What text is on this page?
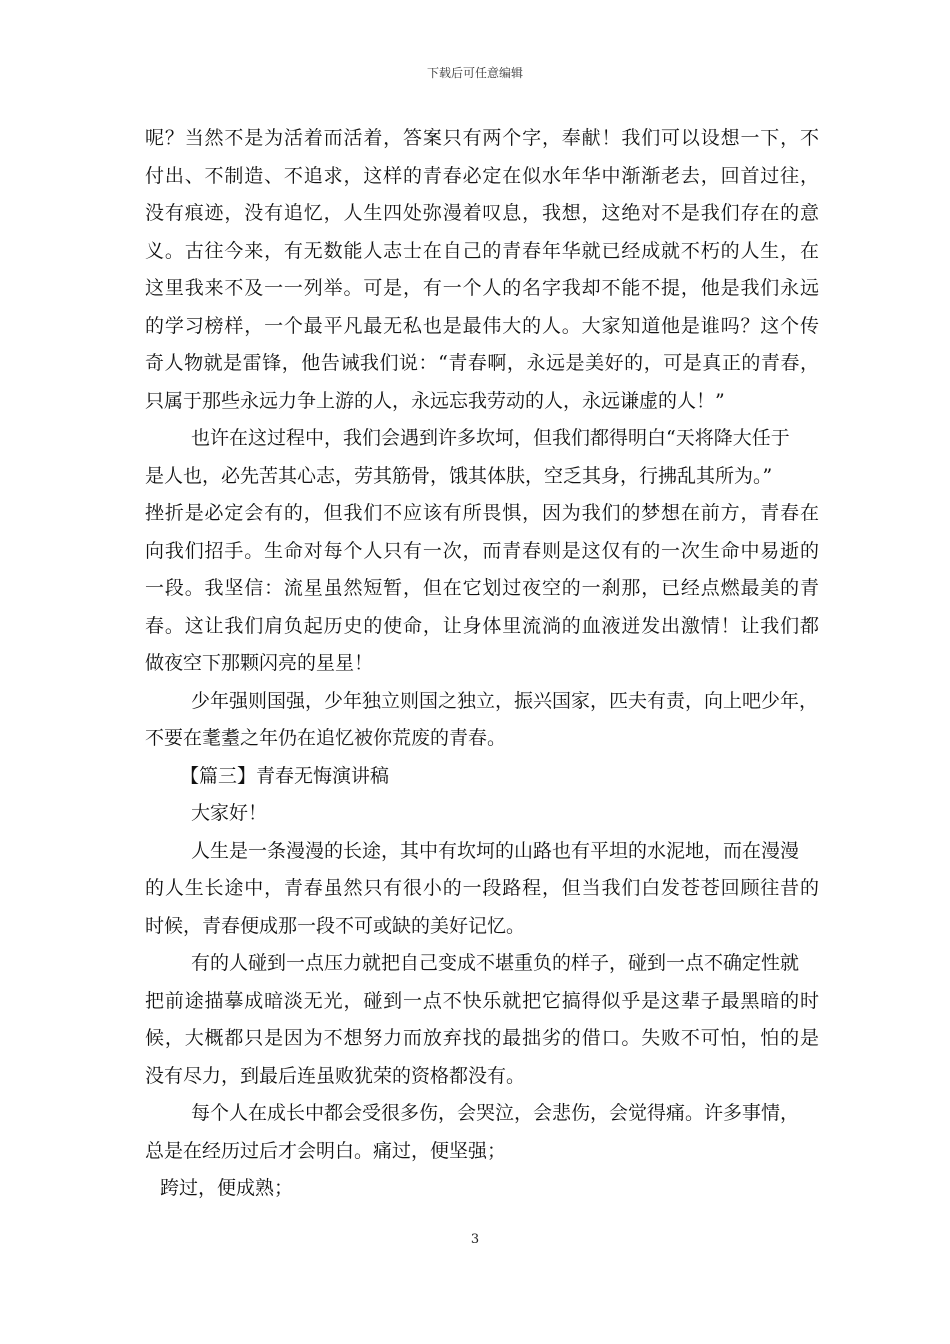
下载后可任意编辑
呢？当然不是为活着而活着，答案只有两个字，奉献！我们可以设想一下，不
付出、不制造、不追求，这样的青春必定在似水年华中渐渐老去，回首过往，
没有痕迹，没有追忆，人生四处弥漫着叹息，我想，这绝对不是我们存在的意
义。古往今来，有无数能人志士在自己的青春年华就已经成就不朽的人生，在
这里我来不及一一列举。可是，有一个人的名字我却不能不提，他是我们永远
的学习榜样，一个最平凡最无私也是最伟大的人。大家知道他是谁吗？这个传
奇人物就是雷锋，他告诫我们说：“青春啊，永远是美好的，可是真正的青春，
只属于那些永远力争上游的人，永远忘我劳动的人，永远谦虚的人！”
也许在这过程中，我们会遇到许多坎坷，但我们都得明白“天将降大任于
是人也，必先苦其心志，劳其筋骨，饿其体肤，空乏其身，行拂乱其所为。”
挫折是必定会有的，但我们不应该有所畏惧，因为我们的梦想在前方，青春在
向我们招手。生命对每个人只有一次，而青春则是这仅有的一次生命中易逝的
一段。我坚信：流星虽然短暂，但在它划过夜空的一刹那，已经点燃最美的青
春。这让我们肩负起历史的使命，让身体里流淌的血液迸发出激情！让我们都
做夜空下那颗闪亮的星星！
少年强则国强，少年独立则国之独立，振兴国家，匹夫有责，向上吧少年，
不要在耄耋之年仍在追忆被你荒废的青春。
【篇三】青春无悔演讲稿
大家好！
人生是一条漫漫的长途，其中有坎坷的山路也有平坦的水泥地，而在漫漫
的人生长途中，青春虽然只有很小的一段路程，但当我们白发苍苍回顾往昔的
时候，青春便成那一段不可或缺的美好记忆。
有的人碰到一点压力就把自己变成不堪重负的样子，碰到一点不确定性就
把前途描摹成暗淡无光，碰到一点不快乐就把它搞得似乎是这辈子最黑暗的时
候，大概都只是因为不想努力而放弃找的最拙劣的借口。失败不可怕，怕的是
没有尽力，到最后连虽败犹荣的资格都没有。
每个人在成长中都会受很多伤，会哭泣，会悲伤，会觉得痛。许多事情，
总是在经历过后才会明白。痛过，便坚强；
跨过，便成熟；
3
